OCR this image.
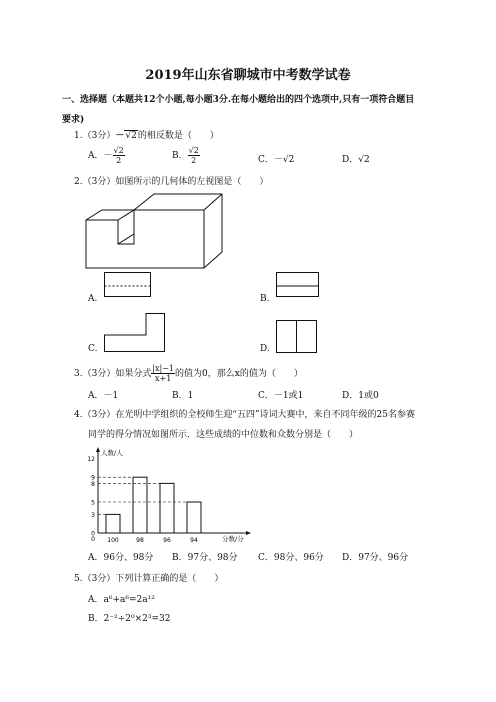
2019年山东省聊城市中考数学试卷
一、选择题（本题共12个小题,每小题3分.在每小题给出的四个选项中,只有一项符合题目
要求)
1.（3分）－√2的相反数是（　　）
A．－ $\frac{√2}{2}$	B． $\frac{√2}{2}$	C．－√2	D．√2
2.（3分）如图所示的几何体的左视图是（　　）
A.	B.
C.	D.
3.（3分）如果分式 $\frac{|x|-1}{x+1}$ 的值为0，那么x的值为（　　）
A．－1	B．1	C．－1或1	D．1或0
4.（3分）在光明中学组织的全校师生迎“五四”诗词大赛中，来自不同年级的25名参赛
同学的得分情况如图所示．这些成绩的中位数和众数分别是（　　）
0
3
5
8
9
12
100	98	96	94
人数/人
分数/分
0
A．96分、98分 B．97分、98分 C．98分、96分 D．97分、96分
5.（3分）下列计算正确的是（　　）
A．a⁶+a⁶=2a¹²
B．2⁻²÷2⁰×2³=32
